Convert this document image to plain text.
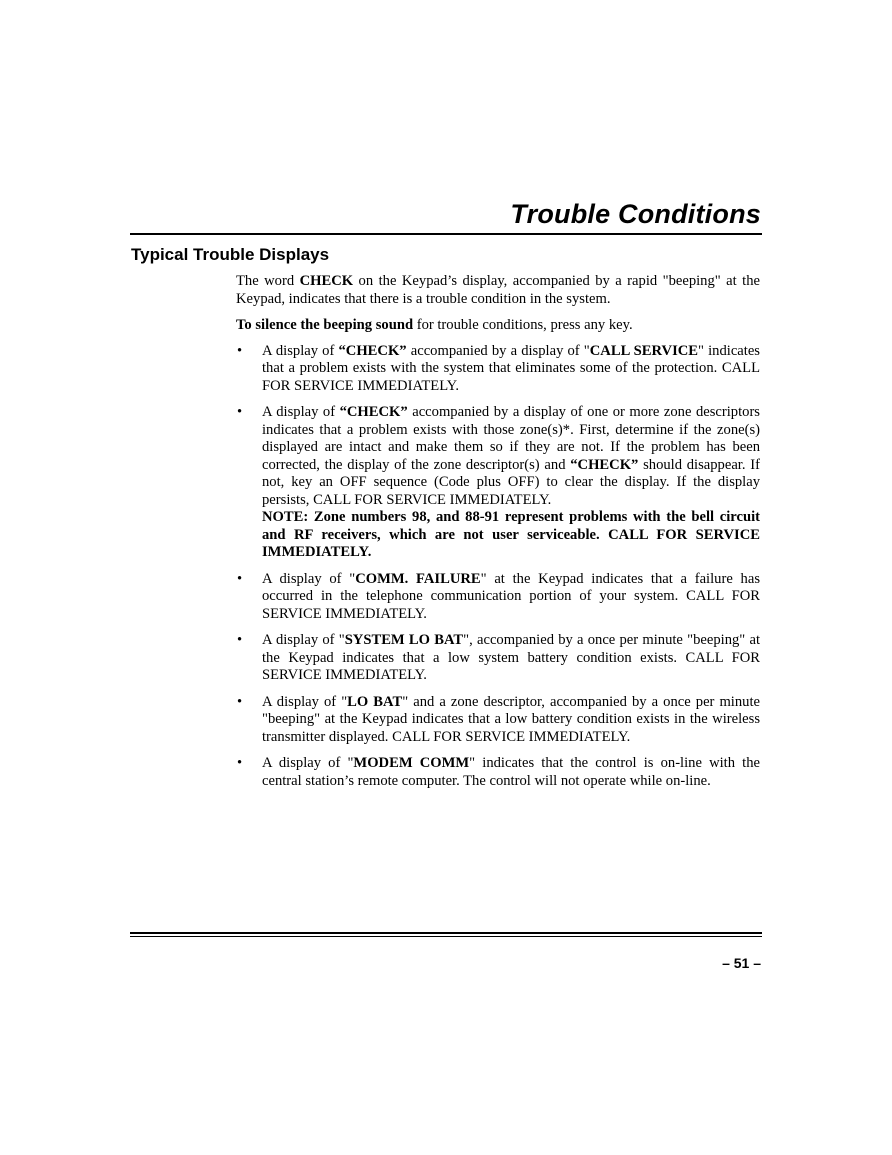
Trouble Conditions
Typical Trouble Displays

The word CHECK on the Keypad’s display, accompanied by a rapid "beeping" at the Keypad, indicates that there is a trouble condition in the system.

To silence the beeping sound for trouble conditions, press any key.

• A display of “CHECK” accompanied by a display of "CALL SERVICE" indicates that a problem exists with the system that eliminates some of the protection. CALL FOR SERVICE IMMEDIATELY.
• A display of “CHECK” accompanied by a display of one or more zone descriptors indicates that a problem exists with those zone(s)*. First, determine if the zone(s) displayed are intact and make them so if they are not. If the problem has been corrected, the display of the zone descriptor(s) and “CHECK” should disappear. If not, key an OFF sequence (Code plus OFF) to clear the display. If the display persists, CALL FOR SERVICE IMMEDIATELY.

NOTE: Zone numbers 98, and 88-91 represent problems with the bell circuit and RF receivers, which are not user serviceable. CALL FOR SERVICE IMMEDIATELY.

• A display of "COMM. FAILURE" at the Keypad indicates that a failure has occurred in the telephone communication portion of your system. CALL FOR SERVICE IMMEDIATELY.
• A display of "SYSTEM LO BAT", accompanied by a once per minute "beeping" at the Keypad indicates that a low system battery condition exists. CALL FOR SERVICE IMMEDIATELY.
• A display of "LO BAT" and a zone descriptor, accompanied by a once per minute "beeping" at the Keypad indicates that a low battery condition exists in the wireless transmitter displayed. CALL FOR SERVICE IMMEDIATELY.
• A display of "MODEM COMM" indicates that the control is on-line with the central station’s remote computer. The control will not operate while on-line.
– 51 –
